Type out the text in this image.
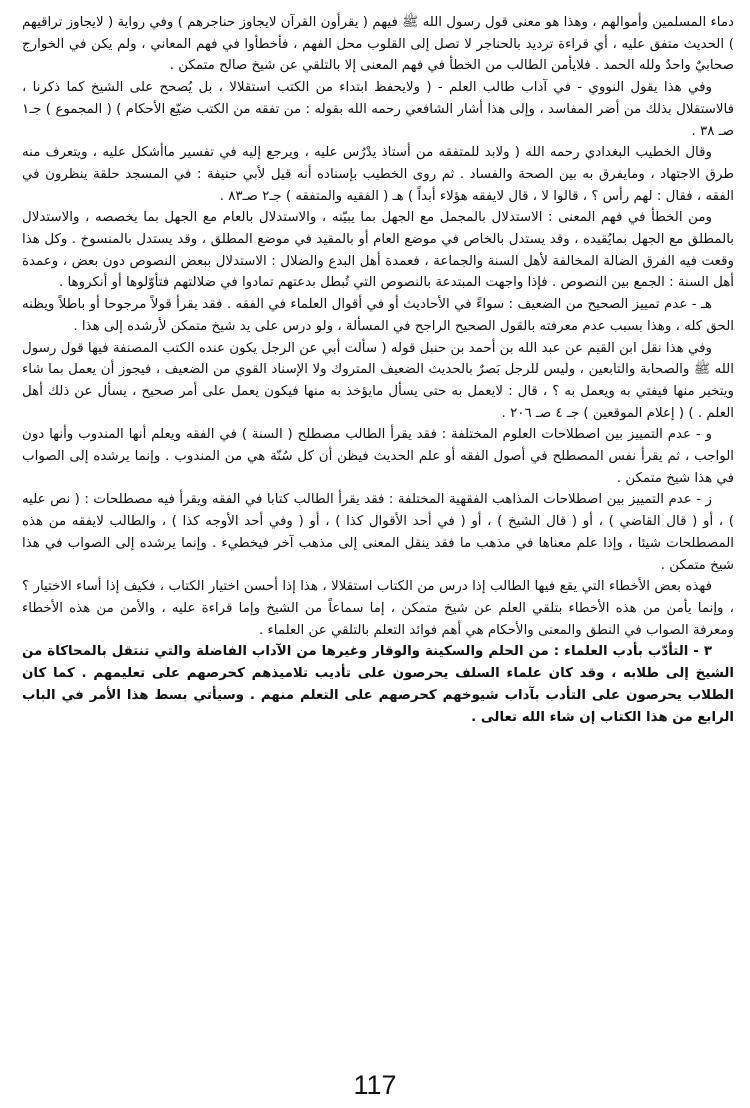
دماء المسلمين وأموالهم ، وهذا هو معنى قول رسول الله ﷺ فيهم ( يقرأون القرآن لايجاوز حناجرهم ) وفي رواية ( لايجاوز تراقيهم ) الحديث متفق عليه ، أي قراءة ترديد بالحناجر لا تصل إلى القلوب محل الفهم ، فأخطأوا في فهم المعاني ، ولم يكن في الخوارج صحابيٌ واحدٌ ولله الحمد . فلايأمن الطالب من الخطأ في فهم المعنى إلا بالتلقي عن شيخ صالح متمكن .

وفي هذا يقول النووي - في آداب طالب العلم - ( ولايحفظ ابتداء من الكتب استقلالا ، بل يُصحح على الشيخ كما ذكرنا ، فالاستقلال بذلك من أضر المفاسد ، وإلى هذا أشار الشافعي رحمه الله بقوله : من تفقه من الكتب ضيّع الأحكام ) ( المجموع ) جـ١ صـ ٣٨ .

وقال الخطيب البغدادي رحمه الله ( ولابد للمتفقه من أستاذ يدْرُس عليه ، ويرجع إليه في تفسير ماأشكل عليه ، ويتعرف منه طرق الاجتهاد ، ومايفرق به بين الصحة والفساد . ثم روى الخطيب بإسناده أنه قيل لأبي حنيفة : في المسجد حلقة ينظرون في الفقه ، فقال : لهم رأس ؟ ، قالوا لا ، قال لايفقه هؤلاء أبداً ) هـ ( الفقيه والمتفقه ) جـ٢ صـ٨٣ .

ومن الخطأ في فهم المعنى : الاستدلال بالمجمل مع الجهل بما يبيّنه ، والاستدلال بالعام مع الجهل بما يخصصه ، والاستدلال بالمطلق مع الجهل بمايُقيده ، وقد يستدل بالخاص في موضع العام أو بالمقيد في موضع المطلق ، وقد يستدل بالمنسوخ . وكل هذا وقعت فيه الفرق الضالة المخالفة لأهل السنة والجماعة ، فعمدة أهل البدع والضلال : الاستدلال ببعض النصوص دون بعض ، وعمدة أهل السنة : الجمع بين النصوص . فإذا واجهت المبتدعة بالنصوص التي تُبطل بدعتهم تمادوا في ضلالتهم فتأوّلوها أو أنكروها .

هـ - عدم تمييز الصحيح من الضعيف : سواءً في الأحاديث أو في أقوال العلماء في الفقه . فقد يقرأ قولاً مرجوحا أو باطلاً ويظنه الحق كله ، وهذا بسبب عدم معرفته بالقول الصحيح الراجح في المسألة ، ولو درس على يد شيخ متمكن لأرشده إلى هذا .

وفي هذا نقل ابن القيم عن عبد الله بن أحمد بن حنبل قوله ( سألت أبي عن الرجل يكون عنده الكتب المصنفة فيها قول رسول الله ﷺ والصحابة والتابعين ، وليس للرجل بَصرٌ بالحديث الضعيف المتروك ولا الإسناد القوي من الضعيف ، فيجوز أن يعمل بما شاء ويتخير منها فيفتي به ويعمل به ؟ ، قال : لايعمل به حتى يسأل مايؤخذ به منها فيكون يعمل على أمر صحيح ، يسأل عن ذلك أهل العلم . ) ( إعلام الموقعين ) جـ ٤ صـ ٢٠٦ .

و - عدم التمييز بين اصطلاحات العلوم المختلفة : فقد يقرأ الطالب مصطلح ( السنة ) في الفقه ويعلم أنها المندوب وأنها دون الواجب ، ثم يقرأ نفس المصطلح في أصول الفقه أو علم الحديث فيظن أن كل سُنّة هي من المندوب . وإنما يرشده إلى الصواب في هذا شيخ متمكن .

ز - عدم التمييز بين اصطلاحات المذاهب الفقهية المختلفة : فقد يقرأ الطالب كتابا في الفقه ويقرأ فيه مصطلحات : ( نص عليه ) ، أو ( قال القاضي ) ، أو ( قال الشيخ ) ، أو ( في أحد الأقوال كذا ) ، أو ( وفي أحد الأوجه كذا ) ، والطالب لايفقه من هذه المصطلحات شيئا ، وإذا علم معناها في مذهب ما فقد ينقل المعنى إلى مذهب آخر فيخطيء . وإنما يرشده إلى الصواب في هذا شيخ متمكن .

فهذه بعض الأخطاء التي يقع فيها الطالب إذا درس من الكتاب استقلالا ، هذا إذا أحسن اختيار الكتاب ، فكيف إذا أساء الاختيار ؟ ، وإنما يأمن من هذه الأخطاء بتلقي العلم عن شيخ متمكن ، إما سماعاً من الشيخ وإما قراءة عليه ، والأمن من هذه الأخطاء ومعرفة الصواب في النطق والمعنى والأحكام هي أهم فوائد التعلم بالتلقي عن العلماء .

٣ - التأدّب بأدب العلماء : من الحلم والسكينة والوقار وغيرها من الآداب الفاضلة والتي تنتقل بالمحاكاة من الشيخ إلى طلابه ، وقد كان علماء السلف يحرصون على تأديب تلاميذهم كحرصهم على تعليمهم . كما كان الطلاب يحرصون على التأدب بآداب شيوخهم كحرصهم على التعلم منهم . وسيأتي بسط هذا الأمر في الباب الرابع من هذا الكتاب إن شاء الله تعالى .

117
